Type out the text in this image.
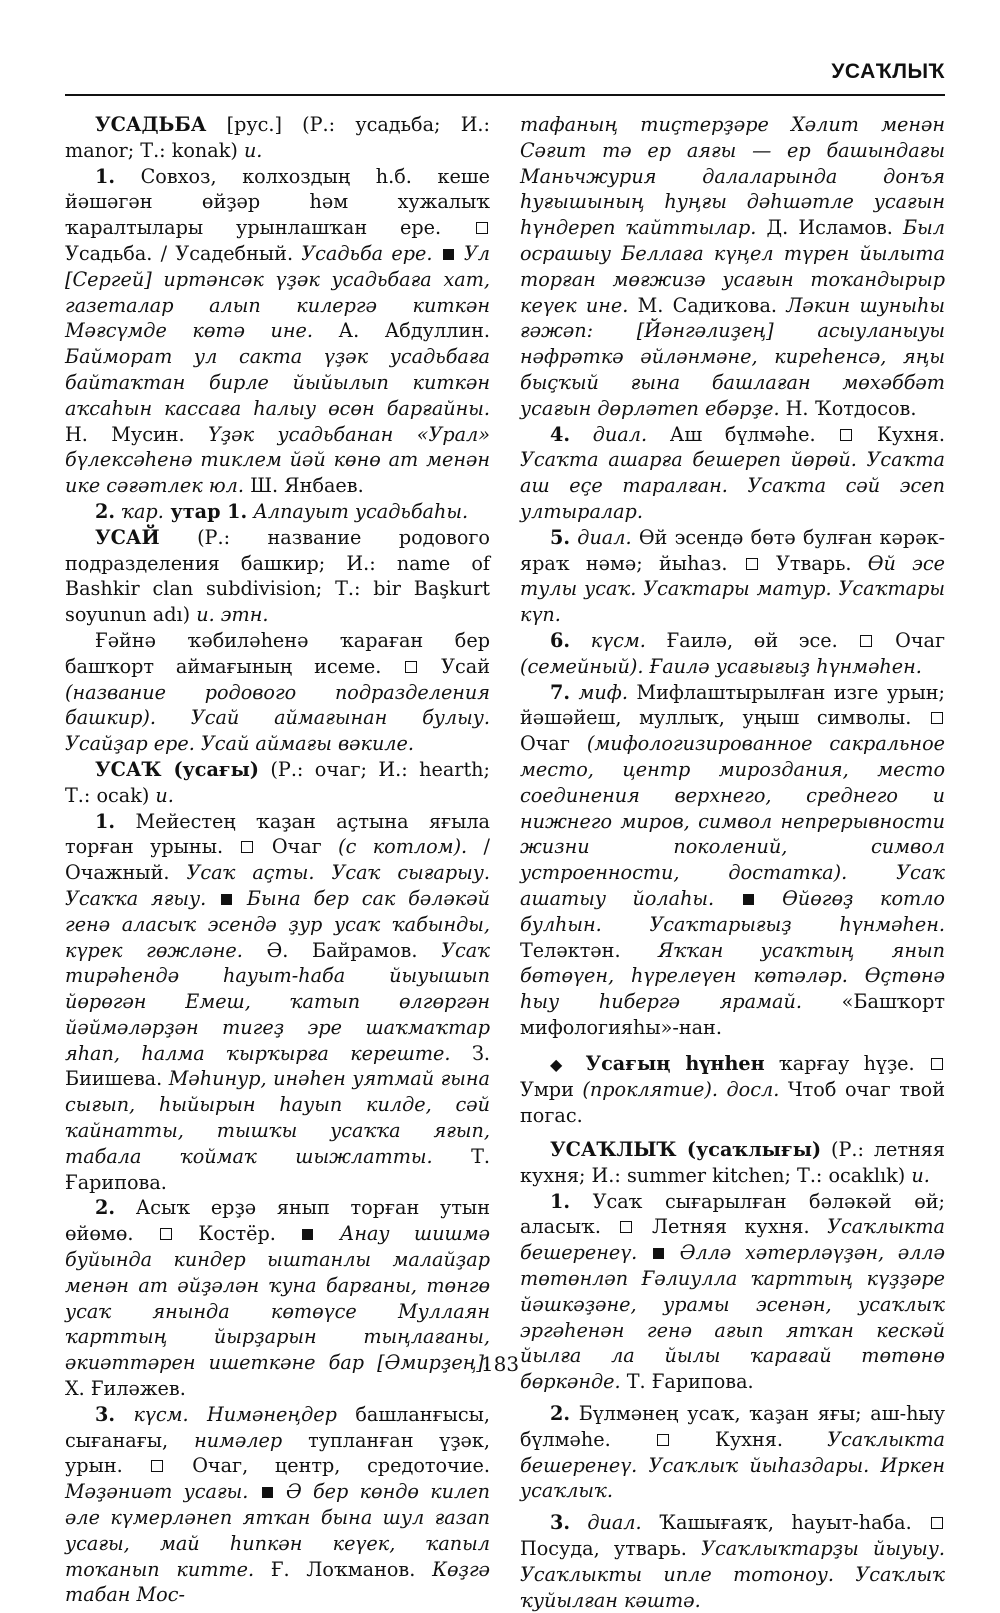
УСАҠЛЫҠ

УСАДЬБА [рус.] (Р.: усадьба; И.: manor; Т.: konak) и.

1. Совхоз, колхоздың һ.б. кеше йәшәгән өйҙәр һәм хужалыҡ ҡаралтылары урынлашҡан ере.  Усадьба. / Усадебный. Усадьба ере.  Ул [Сергей] иртәнсәк үҙәк усадьбаға хат, газеталар алып килергә киткән Мәғсүмде көтә ине. А. Абдуллин. Байморат ул сакта үҙәк усадьбаға байтаҡтан бирле йыйылып киткән аҡсаһын кассаға һалыу өсөн барғайны. Н. Мусин. Үҙәк усадьбанан «Урал» бүлексәһенә тиклем йәй көнө ат менән ике сәғәтлек юл. Ш. Янбаев.

2. ҡар. утар 1. Алпауыт усадьбаһы.

УСАЙ (Р.: название родового подразделения башкир; И.: name of Bashkir clan subdivision; Т.: bir Başkurt soyunun adı) и. этн.

Ғәйнә ҡәбиләһенә ҡараған бер башҡорт аймағының исеме.  Усай (название родового подразделения башкир). Усай аймағынан булыу. Усайҙар ере. Усай аймағы вәкиле.

УСАҠ (усағы) (Р.: очаг; И.: hearth; Т.: ocak) и.

1. Мейестең ҡаҙан аҫтына яғыла торған урыны.  Очаг (с котлом). / Очажный. Усаҡ аҫты. Усаҡ сығарыу. Усаҡҡа яғыу.  Бына бер сак бәләкәй генә аласыҡ эсендә ҙур усаҡ ҡабынды, күрек гөжләне. Ә. Байрамов. Усаҡ тирәһендә һауыт-һаба йыуышып йөрөгән Емеш, ҡатып өлгөргән йәймәләрҙән тигеҙ эре шаҡмаҡтар яһап, һалма ҡырҡырға кереште. З. Биишева. Мәһинур, инәһен уятмай ғына сығып, һыйырын һауып килде, сәй ҡайнатты, тышҡы усаҡҡа яғып, табала ҡоймаҡ шыжлатты. Т. Ғарипова.

2. Асыҡ ерҙә янып торған утын өйөмө.  Костёр.  Анау шишмә буйында киндер ыштанлы малайҙар менән ат әйҙәлән ҡуна барғаны, төнгө усаҡ янында көтөүсе Муллаян ҡарттың йырҙарын тыңлағаны, әкиәттәрен ишеткәне бар [Әмирҙең]. Х. Ғиләжев.

3. күсм. Нимәнеңдер башланғысы, сығанағы, нимәлер тупланған үҙәк, урын.  Очаг, центр, средоточие. Мәҙәниәт усағы.  Ә бер көндө килеп әле күмерләнеп ятҡан бына шул ғазап усағы, май һипкән кеүек, ҡапыл тоҡанып китте. Ғ. Лоҡманов. Көҙгә табан Мос-

тафаның тиҫтерҙәре Хәлит менән Сәғит тә ер аяғы — ер башындағы Маньчжурия далаларында донъя һуғышының һуңғы дәһшәтле усағын һүндереп ҡайттылар. Д. Исламов. Был осрашыу Беллаға күңел түрен йылыта торған мөғжизә усағын тоҡандырыр кеүек ине. М. Садиҡова. Ләкин шуныһы ғәжәп: [Йәнгәлиҙең] асыуланыуы нәфрәткә әйләнмәне, киреһенсә, яңы быҫҡый ғына башлаған мөхәббәт усағын дөрләтеп ебәрҙе. Н. Ҡотдосов.

4. диал. Аш бүлмәһе.  Кухня. Усаҡта ашарға бешереп йөрөй. Усаҡта аш еҫе таралған. Усаҡта сәй эсеп ултыралар.

5. диал. Өй эсендә бөтә булған кәрәк-яраҡ нәмә; йыһаз.  Утварь. Өй эсе тулы усаҡ. Усаҡтары матур. Усаҡтары күп.

6. күсм. Ғаилә, өй эсе.  Очаг (семейный). Ғаилә усағығыҙ һүнмәһен.

7. миф. Мифлаштырылған изге урын; йәшәйеш, муллыҡ, уңыш символы.  Очаг (мифологизированное сакральное место, центр мироздания, место соединения верхнего, среднего и нижнего миров, символ непрерывности жизни поколений, символ устроенности, достатка). Усаҡ ашатыу йолаһы.  Өйөгөҙ котло булһын. Усаҡтарығыҙ һүнмәһен. Теләктән. Яҡҡан усаҡтың янып бөтөүен, һүрелеүен көтәләр. Өҫтөнә һыу һибергә ярамай. «Башҡорт мифологияһы»-нан.

◆ Усағың һүнһен ҡарғау һүҙе.  Умри (проклятие). досл. Чтоб очаг твой погас.

УСАҠЛЫҠ (усаҡлығы) (Р.: летняя кухня; И.: summer kitchen; Т.: ocaklık) и.

1. Усаҡ сығарылған бәләкәй өй; аласыҡ.  Летняя кухня. Усаҡлыкта бешеренеү.  Әллә хәтерләүҙән, әллә төтөнләп Ғәлиулла ҡарттың күҙҙәре йәшкәҙәне, урамы эсенән, усаҡлыҡ эргәһенән генә ағып ятҡан кескәй йылға ла йылы ҡарағай төтөнө бөркәнде. Т. Ғарипова.

2. Бүлмәнең усаҡ, ҡаҙан яғы; аш-һыу бүлмәһе.  Кухня. Усаҡлыкта бешеренеү. Усаҡлыҡ йыһаздары. Иркен усаҡлыҡ.

3. диал. Ҡашығаяҡ, һауыт-һаба.  Посуда, утварь. Усаҡлыҡтарҙы йыуыу. Усаҡлыкты ипле тотоноу. Усаҡлыҡ ҡуйылған кәштә.

183
